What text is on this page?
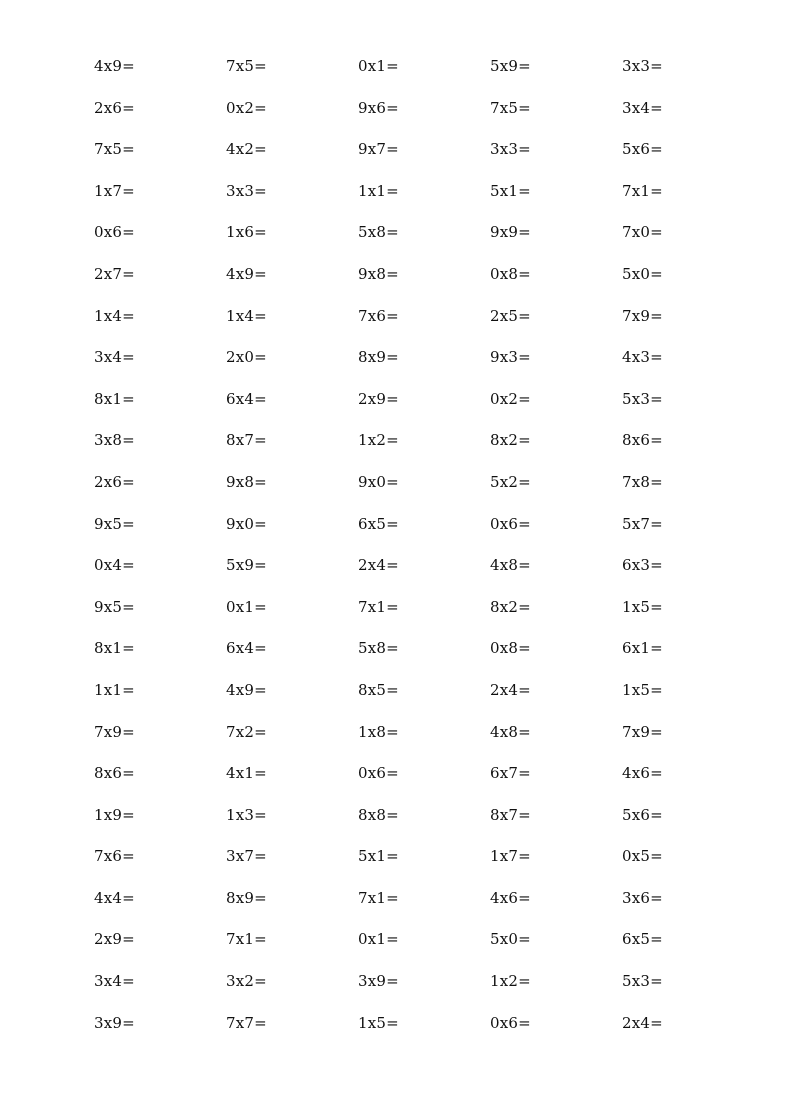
4x9=	7x5=	0x1=	5x9=	3x3=
2x6=	0x2=	9x6=	7x5=	3x4=
7x5=	4x2=	9x7=	3x3=	5x6=
1x7=	3x3=	1x1=	5x1=	7x1=
0x6=	1x6=	5x8=	9x9=	7x0=
2x7=	4x9=	9x8=	0x8=	5x0=
1x4=	1x4=	7x6=	2x5=	7x9=
3x4=	2x0=	8x9=	9x3=	4x3=
8x1=	6x4=	2x9=	0x2=	5x3=
3x8=	8x7=	1x2=	8x2=	8x6=
2x6=	9x8=	9x0=	5x2=	7x8=
9x5=	9x0=	6x5=	0x6=	5x7=
0x4=	5x9=	2x4=	4x8=	6x3=
9x5=	0x1=	7x1=	8x2=	1x5=
8x1=	6x4=	5x8=	0x8=	6x1=
1x1=	4x9=	8x5=	2x4=	1x5=
7x9=	7x2=	1x8=	4x8=	7x9=
8x6=	4x1=	0x6=	6x7=	4x6=
1x9=	1x3=	8x8=	8x7=	5x6=
7x6=	3x7=	5x1=	1x7=	0x5=
4x4=	8x9=	7x1=	4x6=	3x6=
2x9=	7x1=	0x1=	5x0=	6x5=
3x4=	3x2=	3x9=	1x2=	5x3=
3x9=	7x7=	1x5=	0x6=	2x4=
